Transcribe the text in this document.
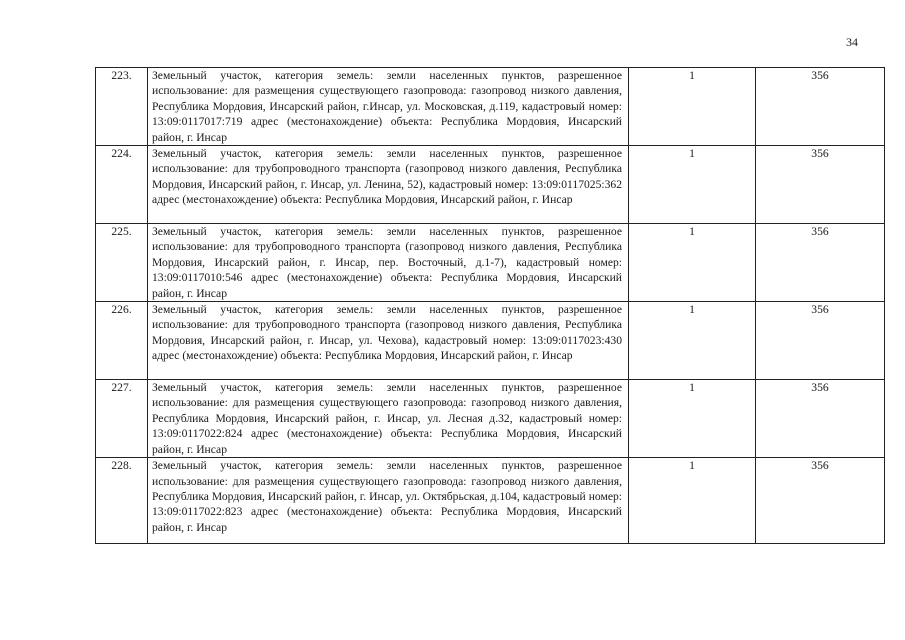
34
223.	Земельный участок, категория земель: земли населенных пунктов, разрешенное использование: для размещения существующего газопровода: газопровод низкого давления, Республика Мордовия, Инсарский район, г.Инсар, ул. Московская, д.119, кадастровый номер: 13:09:0117017:719 адрес (местонахождение) объекта: Республика Мордовия, Инсарский район, г. Инсар	1	356
224.	Земельный участок, категория земель: земли населенных пунктов, разрешенное использование: для трубопроводного транспорта (газопровод низкого давления, Республика Мордовия, Инсарский район, г. Инсар, ул. Ленина, 52), кадастровый номер: 13:09:0117025:362 адрес (местонахождение) объекта: Республика Мордовия, Инсарский район, г. Инсар	1	356
225.	Земельный участок, категория земель: земли населенных пунктов, разрешенное использование: для трубопроводного транспорта (газопровод низкого давления, Республика Мордовия, Инсарский район, г. Инсар, пер. Восточный, д.1-7), кадастровый номер: 13:09:0117010:546 адрес (местонахождение) объекта: Республика Мордовия, Инсарский район, г. Инсар	1	356
226.	Земельный участок, категория земель: земли населенных пунктов, разрешенное использование: для трубопроводного транспорта (газопровод низкого давления, Республика Мордовия, Инсарский район, г. Инсар, ул. Чехова), кадастровый номер: 13:09:0117023:430 адрес (местонахождение) объекта: Республика Мордовия, Инсарский район, г. Инсар	1	356
227.	Земельный участок, категория земель: земли населенных пунктов, разрешенное использование: для размещения существующего газопровода: газопровод низкого давления, Республика Мордовия, Инсарский район, г. Инсар, ул. Лесная д.32, кадастровый номер: 13:09:0117022:824 адрес (местонахождение) объекта: Республика Мордовия, Инсарский район, г. Инсар	1	356
228.	Земельный участок, категория земель: земли населенных пунктов, разрешенное использование: для размещения существующего газопровода: газопровод низкого давления, Республика Мордовия, Инсарский район, г. Инсар, ул. Октябрьская, д.104, кадастровый номер: 13:09:0117022:823 адрес (местонахождение) объекта: Республика Мордовия, Инсарский район, г. Инсар	1	356
